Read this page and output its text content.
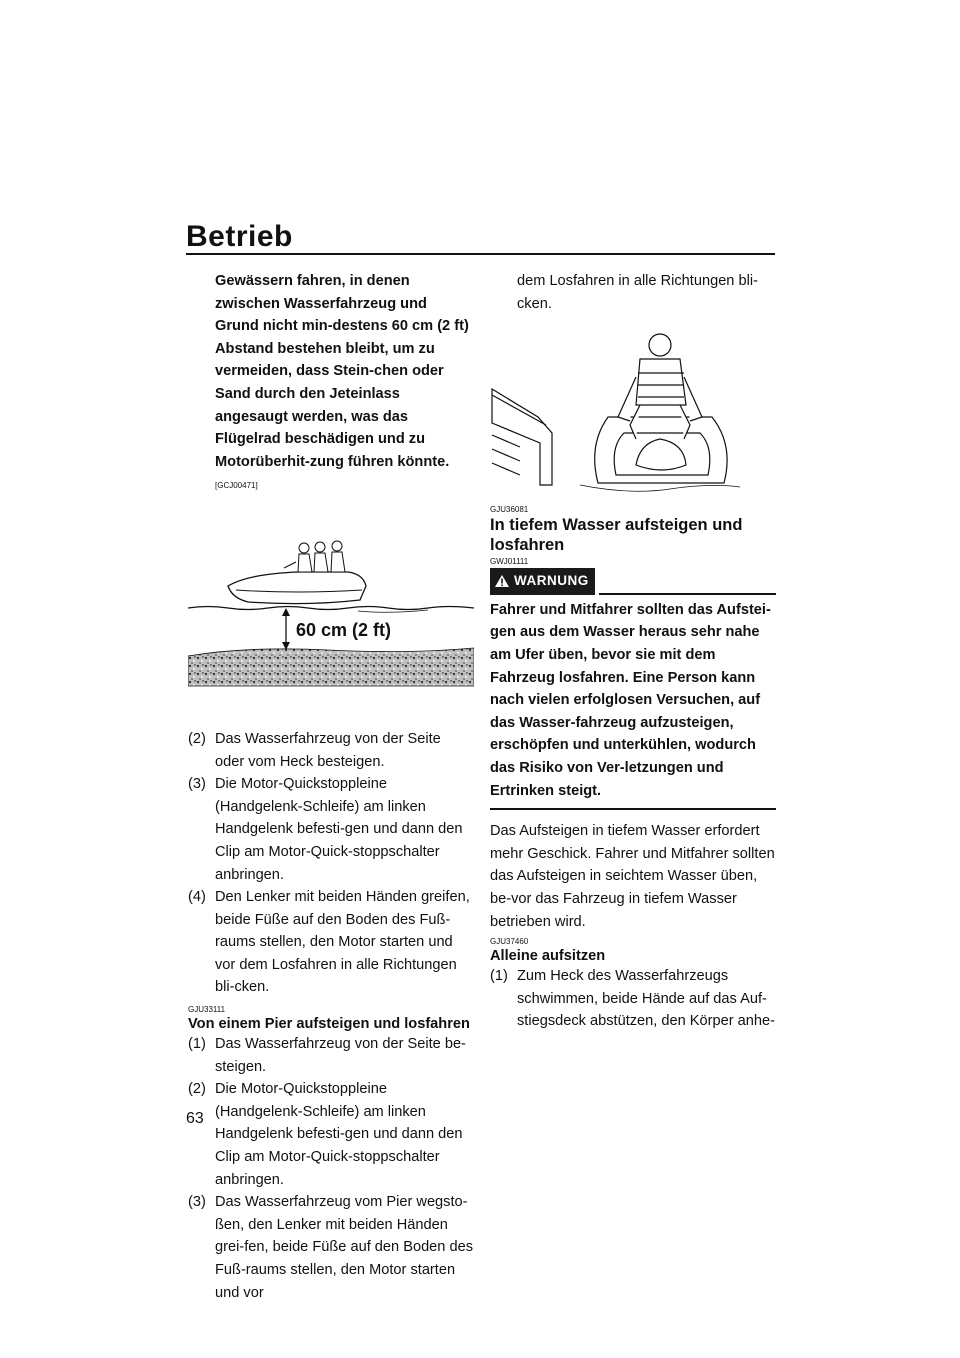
Betrieb
Gewässern fahren, in denen zwischen Wasserfahrzeug und Grund nicht min-destens 60 cm (2 ft) Abstand bestehen bleibt, um zu vermeiden, dass Stein-chen oder Sand durch den Jeteinlass angesaugt werden, was das Flügelrad beschädigen und zu Motorüberhit-zung führen könnte. [GCJ00471]
60 cm (2 ft)
(2) Das Wasserfahrzeug von der Seite oder vom Heck besteigen.
(3) Die Motor-Quickstoppleine (Handgelenk-Schleife) am linken Handgelenk befesti-gen und dann den Clip am Motor-Quick-stoppschalter anbringen.
(4) Den Lenker mit beiden Händen greifen, beide Füße auf den Boden des Fuß-raums stellen, den Motor starten und vor dem Losfahren in alle Richtungen bli-cken.
GJU33111
Von einem Pier aufsteigen und losfahren
(1) Das Wasserfahrzeug von der Seite be-steigen.
(2) Die Motor-Quickstoppleine (Handgelenk-Schleife) am linken Handgelenk befesti-gen und dann den Clip am Motor-Quick-stoppschalter anbringen.
(3) Das Wasserfahrzeug vom Pier wegsto-ßen, den Lenker mit beiden Händen grei-fen, beide Füße auf den Boden des Fuß-raums stellen, den Motor starten und vor
dem Losfahren in alle Richtungen bli-cken.
GJU36081
In tiefem Wasser aufsteigen und losfahren
GWJ01111
WARNUNG
Fahrer und Mitfahrer sollten das Aufstei-gen aus dem Wasser heraus sehr nahe am Ufer üben, bevor sie mit dem Fahrzeug losfahren. Eine Person kann nach vielen erfolglosen Versuchen, auf das Wasser-fahrzeug aufzusteigen, erschöpfen und unterkühlen, wodurch das Risiko von Ver-letzungen und Ertrinken steigt.
Das Aufsteigen in tiefem Wasser erfordert mehr Geschick. Fahrer und Mitfahrer sollten das Aufsteigen in seichtem Wasser üben, be-vor das Fahrzeug in tiefem Wasser betrieben wird.
GJU37460
Alleine aufsitzen
(1) Zum Heck des Wasserfahrzeugs schwimmen, beide Hände auf das Auf-stiegsdeck abstützen, den Körper anhe-
63
